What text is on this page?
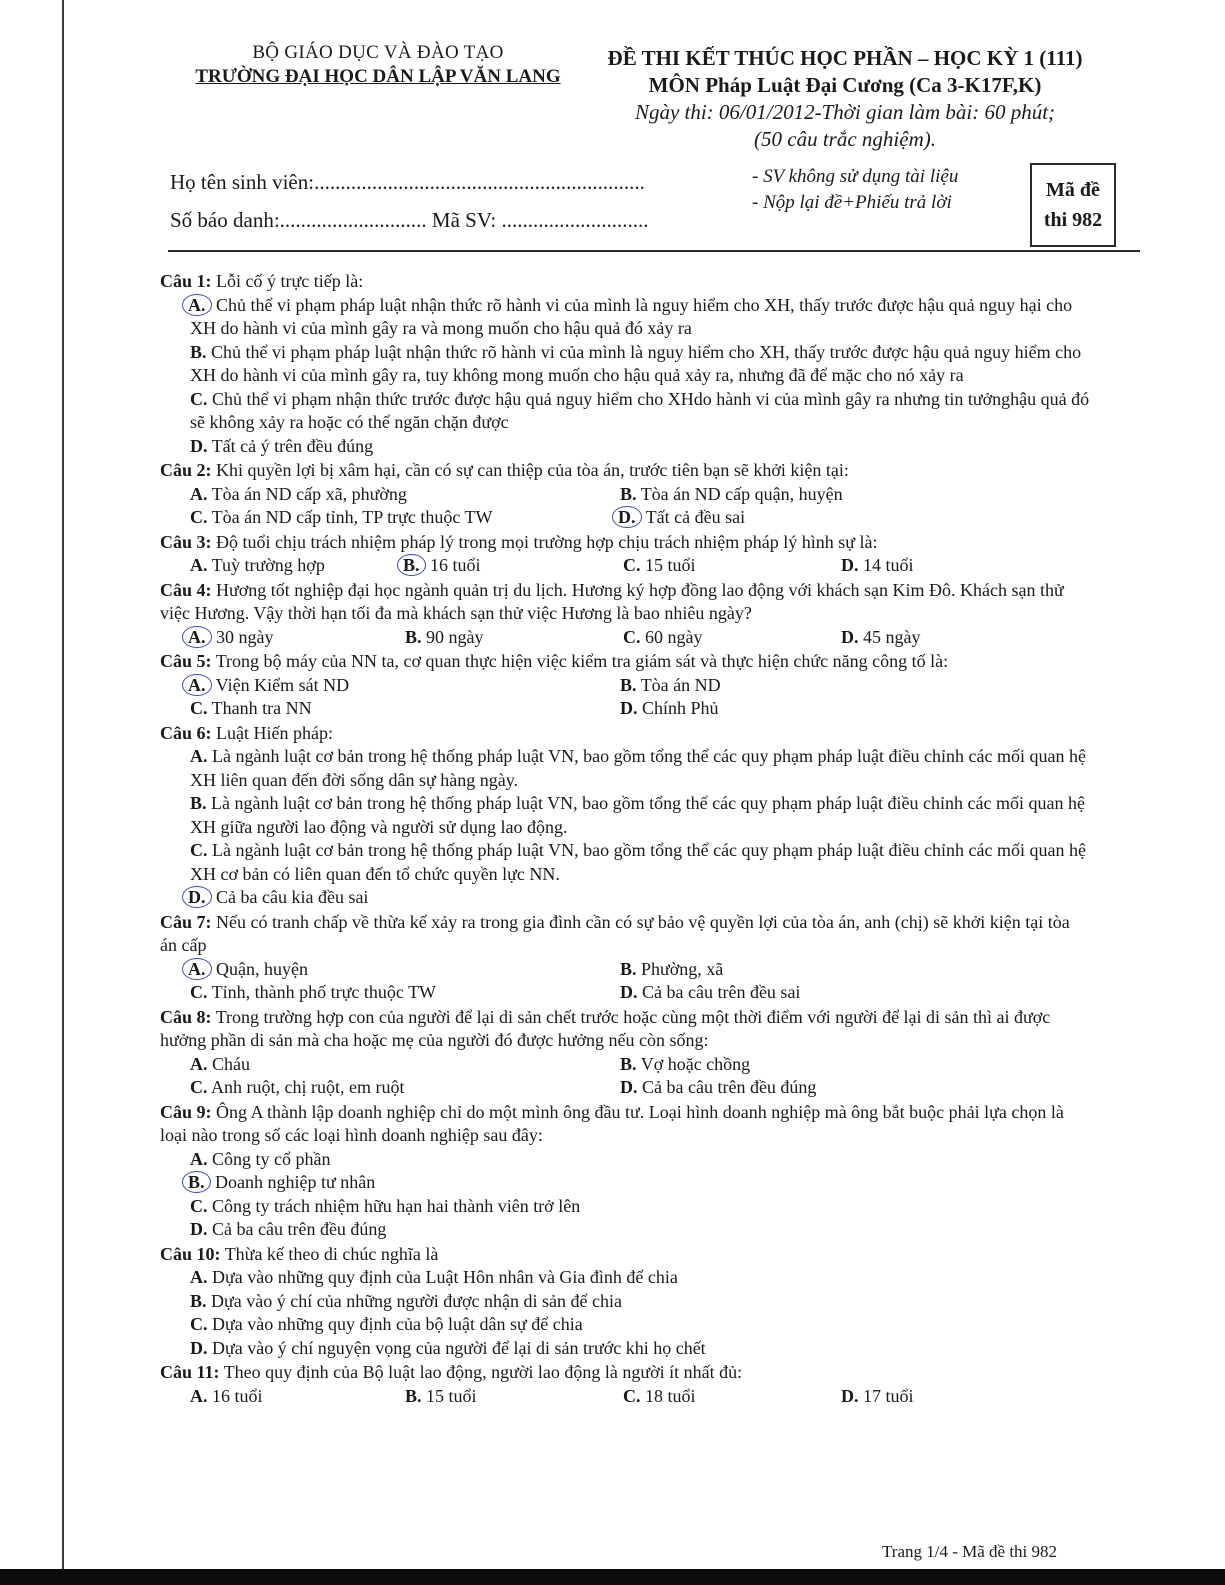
BỘ GIÁO DỤC VÀ ĐÀO TẠO
TRƯỜNG ĐẠI HỌC DÂN LẬP VĂN LANG
ĐỀ THI KẾT THÚC HỌC PHẦN – HỌC KỲ 1 (111)
MÔN Pháp Luật Đại Cương (Ca 3-K17F,K)
Ngày thi: 06/01/2012-Thời gian làm bài: 60 phút;
(50 câu trắc nghiệm).
Họ tên sinh viên:...............................................................
Số báo danh:............................ Mã SV: ............................
- SV không sử dụng tài liệu
- Nộp lại đề+Phiếu trả lời
Mã đề
thi 982
Câu 1: Lỗi cố ý trực tiếp là:
A. Chủ thể vi phạm pháp luật nhận thức rõ hành vi của mình là nguy hiểm cho XH, thấy trước được hậu quả nguy hại cho XH do hành vi của mình gây ra và mong muốn cho hậu quả đó xảy ra
B. Chủ thể vi phạm pháp luật nhận thức rõ hành vi của mình là nguy hiểm cho XH, thấy trước được hậu quả nguy hiểm cho XH do hành vi của mình gây ra, tuy không mong muốn cho hậu quả xảy ra, nhưng đã để mặc cho nó xảy ra
C. Chủ thể vi phạm nhận thức trước được hậu quả nguy hiểm cho XHdo hành vi của mình gây ra nhưng tin tưởnghậu quả đó sẽ không xảy ra hoặc có thể ngăn chặn được
D. Tất cả ý trên đều đúng
Câu 2: Khi quyền lợi bị xâm hại, cần có sự can thiệp của tòa án, trước tiên bạn sẽ khởi kiện tại:
A. Tòa án ND cấp xã, phường	B. Tòa án ND cấp quận, huyện
C. Tòa án ND cấp tỉnh, TP trực thuộc TW	D. Tất cả đều sai
Câu 3: Độ tuổi chịu trách nhiệm pháp lý trong mọi trường hợp chịu trách nhiệm pháp lý hình sự là:
A. Tuỳ trường hợp	B. 16 tuổi	C. 15 tuổi	D. 14 tuổi
Câu 4: Hương tốt nghiệp đại học ngành quản trị du lịch. Hương ký hợp đồng lao động với khách sạn Kim Đô. Khách sạn thử việc Hương. Vậy thời hạn tối đa mà khách sạn thử việc Hương là bao nhiêu ngày?
A. 30 ngày	B. 90 ngày	C. 60 ngày	D. 45 ngày
Câu 5: Trong bộ máy của NN ta, cơ quan thực hiện việc kiểm tra giám sát và thực hiện chức năng công tố là:
A. Viện Kiểm sát ND	B. Tòa án ND
C. Thanh tra NN	D. Chính Phủ
Câu 6: Luật Hiến pháp:
A. Là ngành luật cơ bản trong hệ thống pháp luật VN, bao gồm tổng thể các quy phạm pháp luật điều chỉnh các mối quan hệ XH liên quan đến đời sống dân sự hàng ngày.
B. Là ngành luật cơ bản trong hệ thống pháp luật VN, bao gồm tổng thể các quy phạm pháp luật điều chỉnh các mối quan hệ XH giữa người lao động và người sử dụng lao động.
C. Là ngành luật cơ bản trong hệ thống pháp luật VN, bao gồm tổng thể các quy phạm pháp luật điều chỉnh các mối quan hệ XH cơ bản có liên quan đến tổ chức quyền lực NN.
D. Cả ba câu kia đều sai
Câu 7: Nếu có tranh chấp về thừa kế xảy ra trong gia đình cần có sự bảo vệ quyền lợi của tòa án, anh (chị) sẽ khởi kiện tại tòa án cấp
A. Quận, huyện	B. Phường, xã
C. Tỉnh, thành phố trực thuộc TW	D. Cả ba câu trên đều sai
Câu 8: Trong trường hợp con của người để lại di sản chết trước hoặc cùng một thời điểm với người để lại di sản thì ai được hưởng phần di sản mà cha hoặc mẹ của người đó được hưởng nếu còn sống:
A. Cháu	B. Vợ hoặc chồng
C. Anh ruột, chị ruột, em ruột	D. Cả ba câu trên đều đúng
Câu 9: Ông A thành lập doanh nghiệp chỉ do một mình ông đầu tư. Loại hình doanh nghiệp mà ông bắt buộc phải lựa chọn là loại nào trong số các loại hình doanh nghiệp sau đây:
A. Công ty cổ phần
B. Doanh nghiệp tư nhân
C. Công ty trách nhiệm hữu hạn hai thành viên trở lên
D. Cả ba câu trên đều đúng
Câu 10: Thừa kế theo di chúc nghĩa là
A. Dựa vào những quy định của Luật Hôn nhân và Gia đình để chia
B. Dựa vào ý chí của những người được nhận di sản để chia
C. Dựa vào những quy định của bộ luật dân sự để chia
D. Dựa vào ý chí nguyện vọng của người để lại di sản trước khi họ chết
Câu 11: Theo quy định của Bộ luật lao động, người lao động là người ít nhất đủ:
A. 16 tuổi	B. 15 tuổi	C. 18 tuổi	D. 17 tuổi
Trang 1/4 - Mã đề thi 982
